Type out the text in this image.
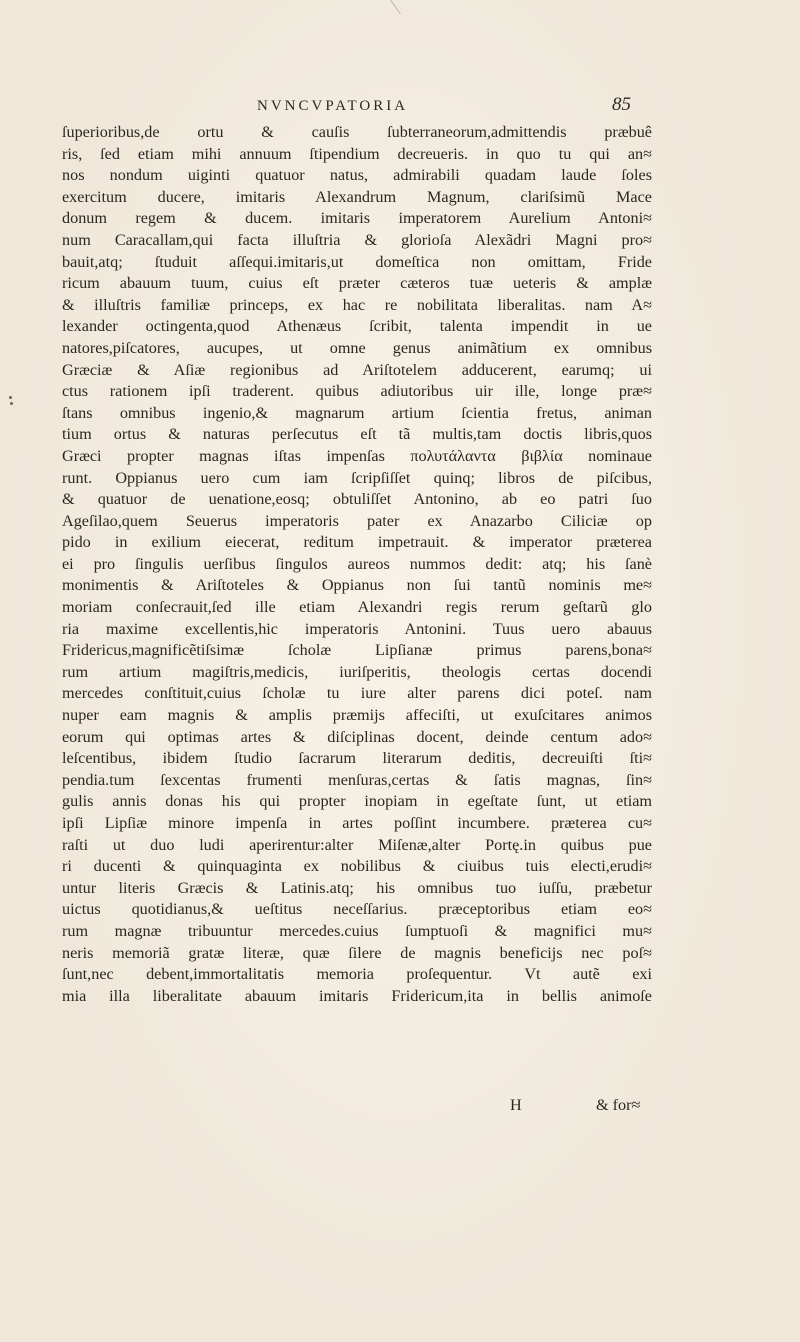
NVNCVPATORIA	85
ſuperioribus,de ortu & cauſis ſubterraneorum,admittendis præbuê
ris, ſed etiam mihi annuum ſtipendium decreueris. in quo tu qui an≈
nos nondum uiginti quatuor natus, admirabili quadam laude ſoles
exercitum ducere, imitaris Alexandrum Magnum, clariſsimũ Mace
donum regem & ducem. imitaris imperatorem Aurelium Antoni≈
num Caracallam,qui facta illuſtria & glorioſa Alexãdri Magni pro≈
bauit,atq; ſtuduit aſſequi.imitaris,ut domeſtica non omittam, Fride
ricum abauum tuum, cuius eſt præter cæteros tuæ ueteris & amplæ
& illuſtris familiæ princeps, ex hac re nobilitata liberalitas. nam A≈
lexander octingenta,quod Athenæus ſcribit, talenta impendit in ue
natores,piſcatores, aucupes, ut omne genus animãtium ex omnibus
Græciæ & Aſiæ regionibus ad Ariſtotelem adducerent, earumq; ui
ctus rationem ipſi traderent. quibus adiutoribus uir ille, longe præ≈
ſtans omnibus ingenio,& magnarum artium ſcientia fretus, animan
tium ortus & naturas perſecutus eſt tã multis,tam doctis libris,quos
Græci propter magnas iſtas impenſas πολυτάλαντα βιβλία nominaue
runt. Oppianus uero cum iam ſcripſiſſet quinq; libros de piſcibus,
& quatuor de uenatione,eosq; obtuliſſet Antonino, ab eo patri ſuo
Ageſilao,quem Seuerus imperatoris pater ex Anazarbo Ciliciæ op
pido in exilium eiecerat, reditum impetrauit. & imperator præterea
ei pro ſingulis uerſibus ſingulos aureos nummos dedit: atq; his ſanè
monimentis & Ariſtoteles & Oppianus non ſui tantũ nominis me≈
moriam conſecrauit,ſed ille etiam Alexandri regis rerum geſtarũ glo
ria maxime excellentis,hic imperatoris Antonini. Tuus uero abauus
Fridericus,magnificẽtiſsimæ ſcholæ Lipſianæ primus parens,bona≈
rum artium magiſtris,medicis, iuriſperitis, theologis certas docendi
mercedes conſtituit,cuius ſcholæ tu iure alter parens dici poteſ. nam
nuper eam magnis & amplis præmijs affeciſti, ut exuſcitares animos
eorum qui optimas artes & diſciplinas docent, deinde centum ado≈
leſcentibus, ibidem ſtudio ſacrarum literarum deditis, decreuiſti ſti≈
pendia.tum ſexcentas frumenti menſuras,certas & ſatis magnas, ſin≈
gulis annis donas his qui propter inopiam in egeſtate ſunt, ut etiam
ipſi Lipſiæ minore impenſa in artes poſſint incumbere. præterea cu≈
raſti ut duo ludi aperirentur:alter Miſenæ,alter Portę.in quibus pue
ri ducenti & quinquaginta ex nobilibus & ciuibus tuis electi,erudi≈
untur literis Græcis & Latinis.atq; his omnibus tuo iuſſu, præbetur
uictus quotidianus,& ueſtitus neceſſarius. præceptoribus etiam eo≈
rum magnæ tribuuntur mercedes.cuius ſumptuoſi & magnifici mu≈
neris memoriã gratæ literæ, quæ ſilere de magnis beneficijs nec poſ≈
ſunt,nec debent,immortalitatis memoria proſequentur. Vt autẽ exi
mia illa liberalitate abauum imitaris Fridericum,ita in bellis animoſe
H	& for≈
